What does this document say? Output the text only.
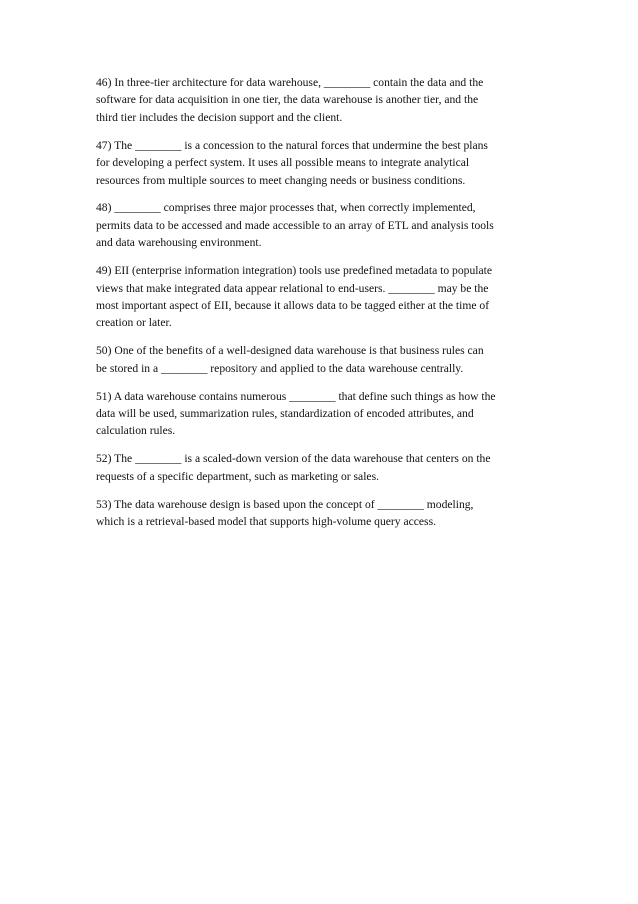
46) In three-tier architecture for data warehouse, ________ contain the data and the
software for data acquisition in one tier, the data warehouse is another tier, and the
third tier includes the decision support and the client.

47) The ________ is a concession to the natural forces that undermine the best plans
for developing a perfect system. It uses all possible means to integrate analytical
resources from multiple sources to meet changing needs or business conditions.

48) ________ comprises three major processes that, when correctly implemented,
permits data to be accessed and made accessible to an array of ETL and analysis tools
and data warehousing environment.

49) EII (enterprise information integration) tools use predefined metadata to populate
views that make integrated data appear relational to end-users. ________ may be the
most important aspect of EII, because it allows data to be tagged either at the time of
creation or later.

50) One of the benefits of a well-designed data warehouse is that business rules can
be stored in a ________ repository and applied to the data warehouse centrally.

51) A data warehouse contains numerous ________ that define such things as how the
data will be used, summarization rules, standardization of encoded attributes, and
calculation rules.

52) The ________ is a scaled-down version of the data warehouse that centers on the
requests of a specific department, such as marketing or sales.

53) The data warehouse design is based upon the concept of ________ modeling,
which is a retrieval-based model that supports high-volume query access.
